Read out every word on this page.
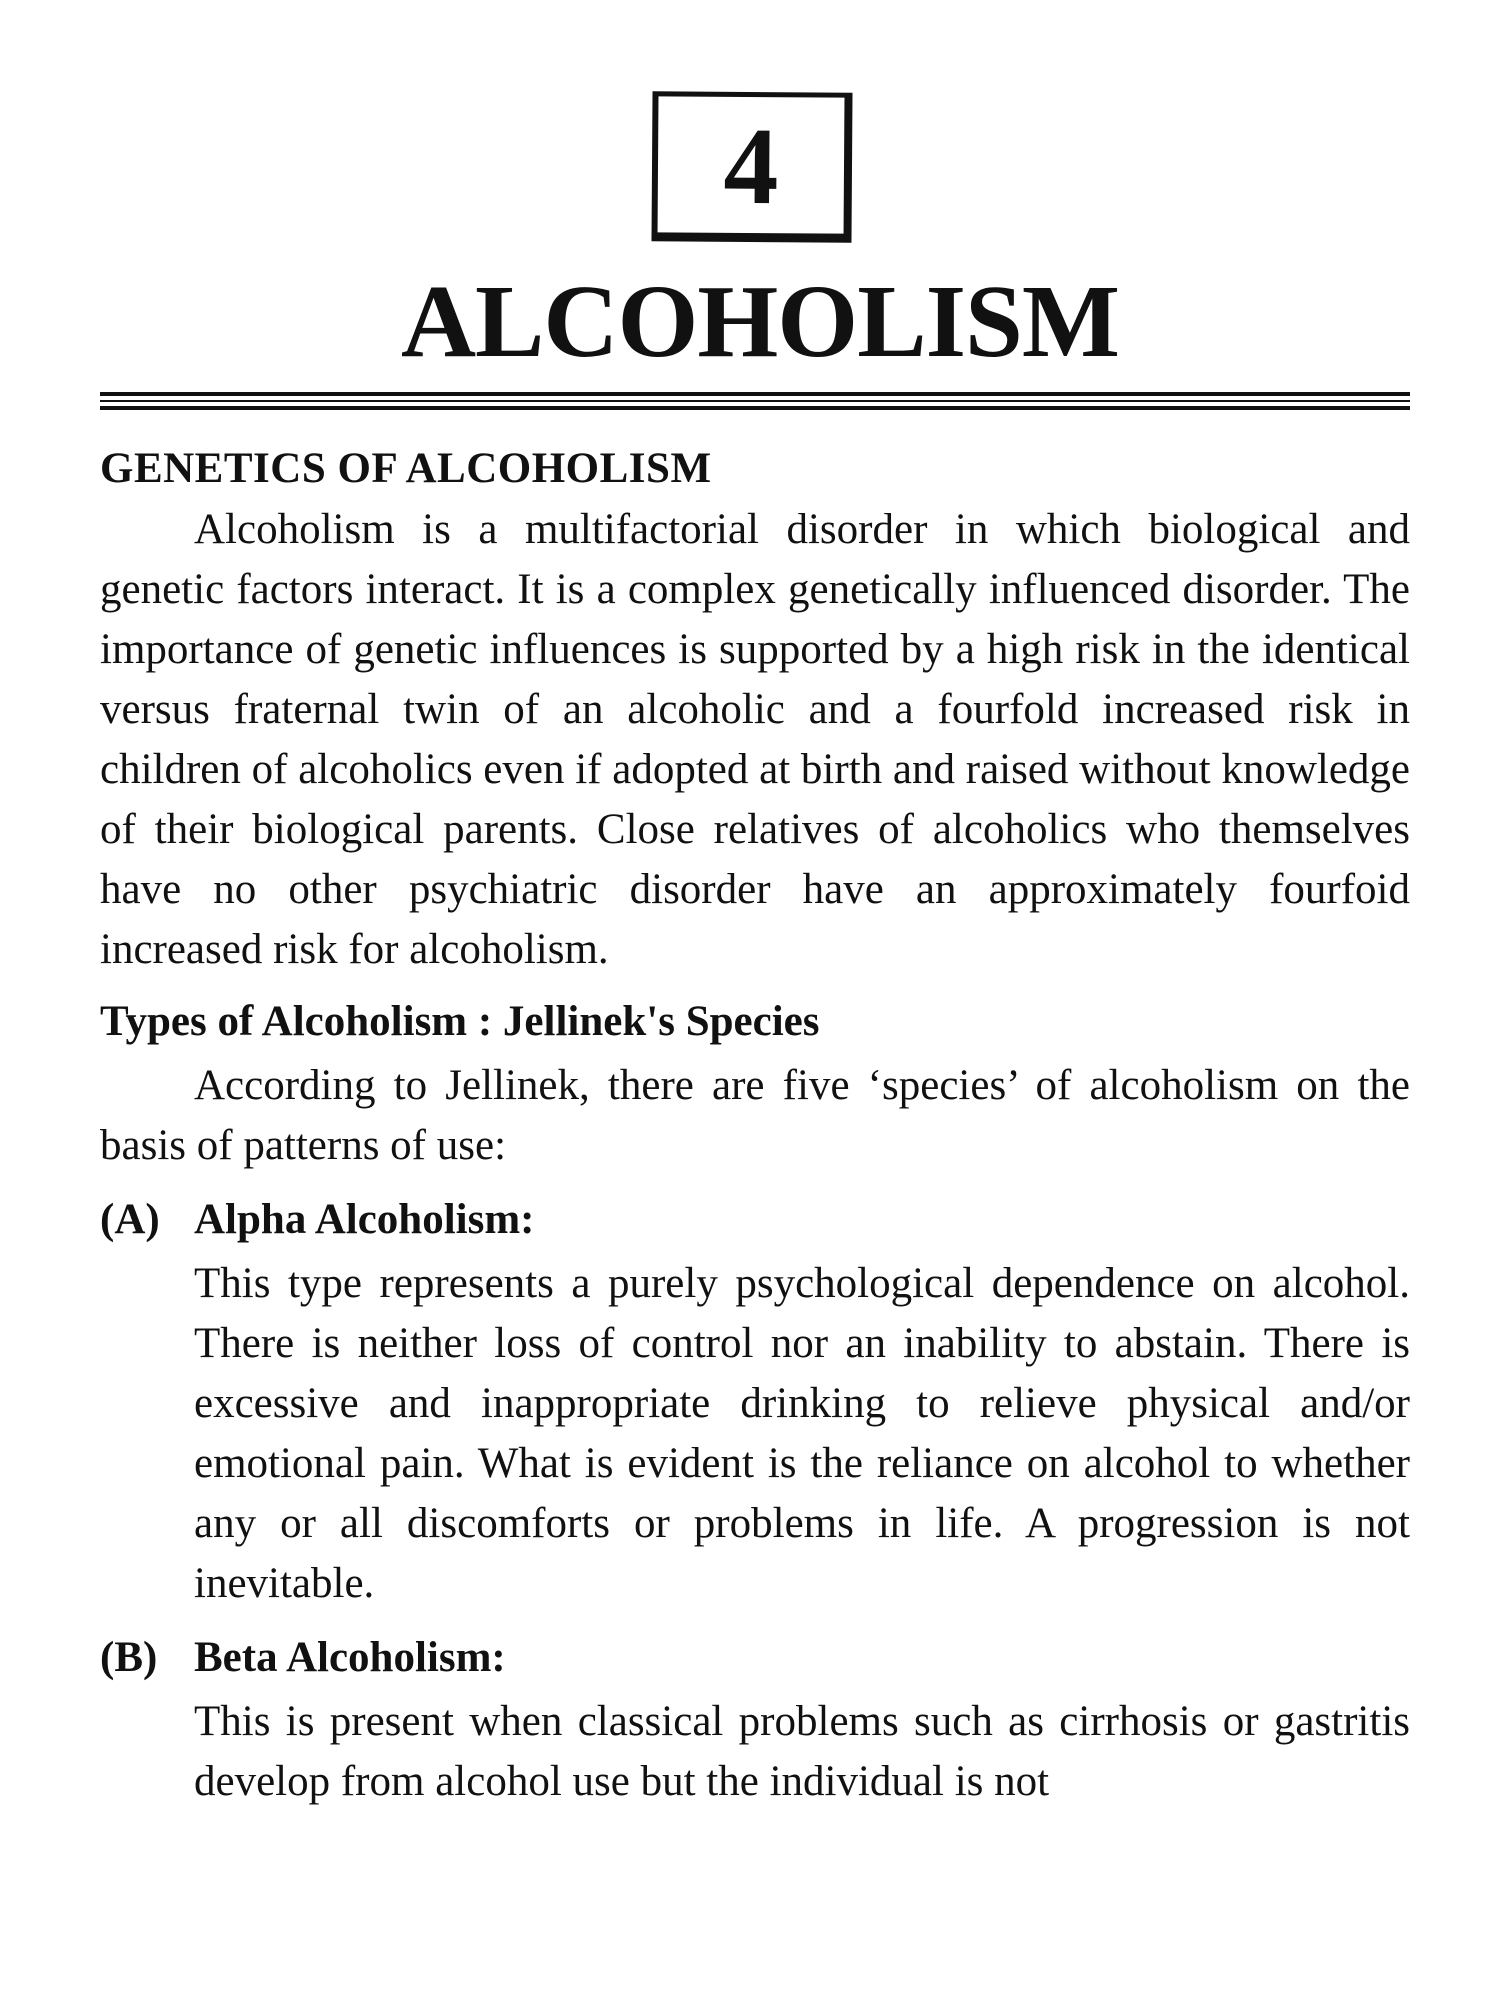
4
ALCOHOLISM
GENETICS OF ALCOHOLISM

Alcoholism is a multifactorial disorder in which biological and genetic factors interact. It is a complex genetically influenced disorder. The importance of genetic influences is supported by a high risk in the identical versus fraternal twin of an alcoholic and a fourfold increased risk in children of alcoholics even if adopted at birth and raised without knowledge of their biological parents. Close relatives of alcoholics who themselves have no other psychiatric disorder have an approximately fourfoid increased risk for alcoholism.

Types of Alcoholism : Jellinek's Species

According to Jellinek, there are five ‘species’ of alcoholism on the basis of patterns of use:

(A) Alpha Alcoholism:

This type represents a purely psychological dependence on alcohol. There is neither loss of control nor an inability to abstain. There is excessive and inappropriate drinking to relieve physical and/or emotional pain. What is evident is the reliance on alcohol to whether any or all discomforts or problems in life. A progression is not inevitable.

(B) Beta Alcoholism:

This is present when classical problems such as cirrhosis or gastritis develop from alcohol use but the individual is not
